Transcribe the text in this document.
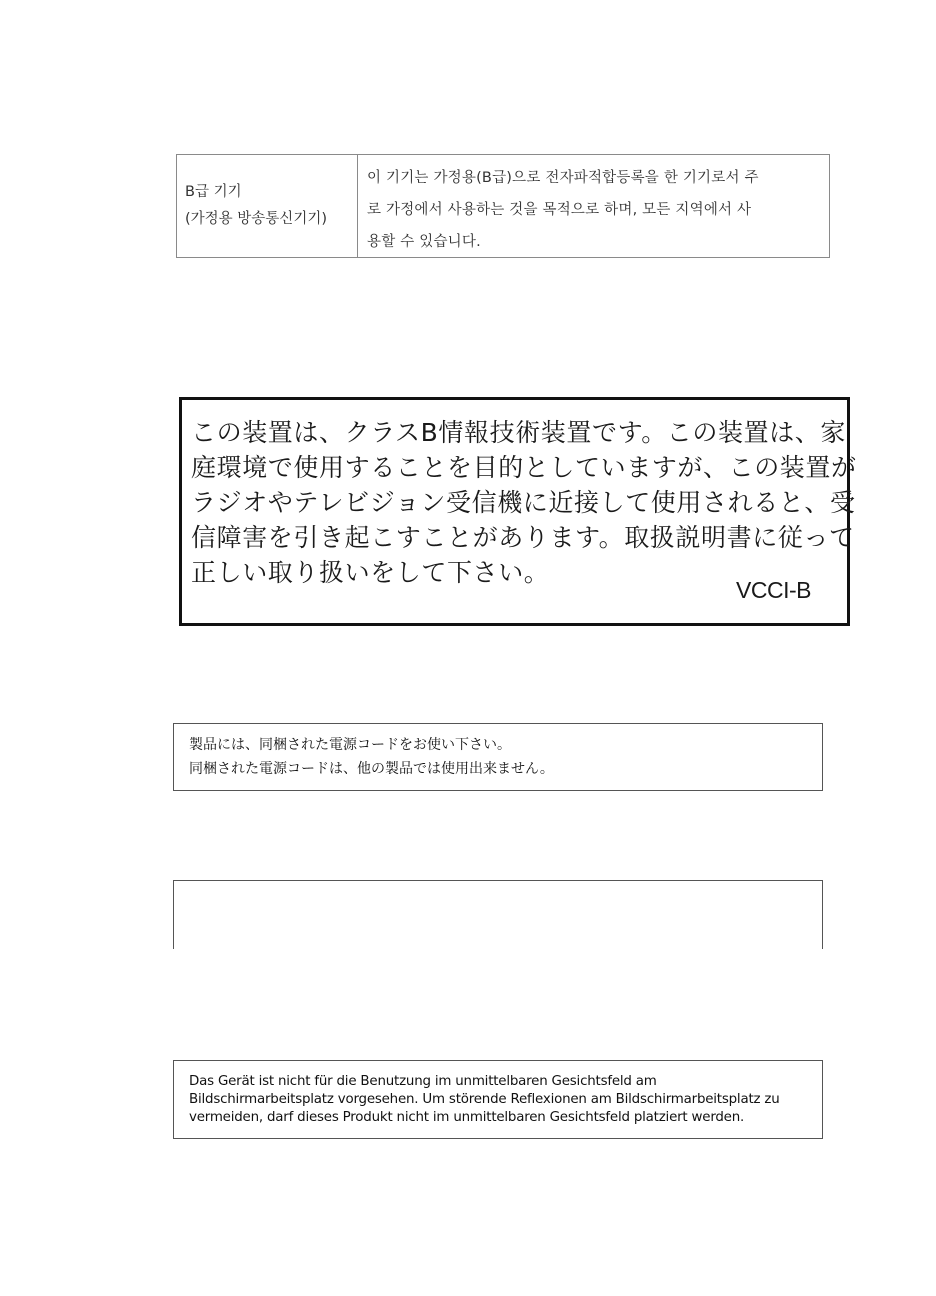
B급 기기
(가정용 방송통신기기)
이 기기는 가정용(B급)으로 전자파적합등록을 한 기기로서 주
로 가정에서 사용하는 것을 목적으로 하며, 모든 지역에서 사
용할 수 있습니다.
この装置は、クラスB情報技術装置です。この装置は、家
庭環境で使用することを目的としていますが、この装置が
ラジオやテレビジョン受信機に近接して使用されると、受
信障害を引き起こすことがあります。取扱説明書に従って
正しい取り扱いをして下さい。
VCCI-B
製品には、同梱された電源コードをお使い下さい。
同梱された電源コードは、他の製品では使用出来ません。
Das Gerät ist nicht für die Benutzung im unmittelbaren Gesichtsfeld am
Bildschirmarbeitsplatz vorgesehen. Um störende Reflexionen am Bildschirmarbeitsplatz zu
vermeiden, darf dieses Produkt nicht im unmittelbaren Gesichtsfeld platziert werden.
